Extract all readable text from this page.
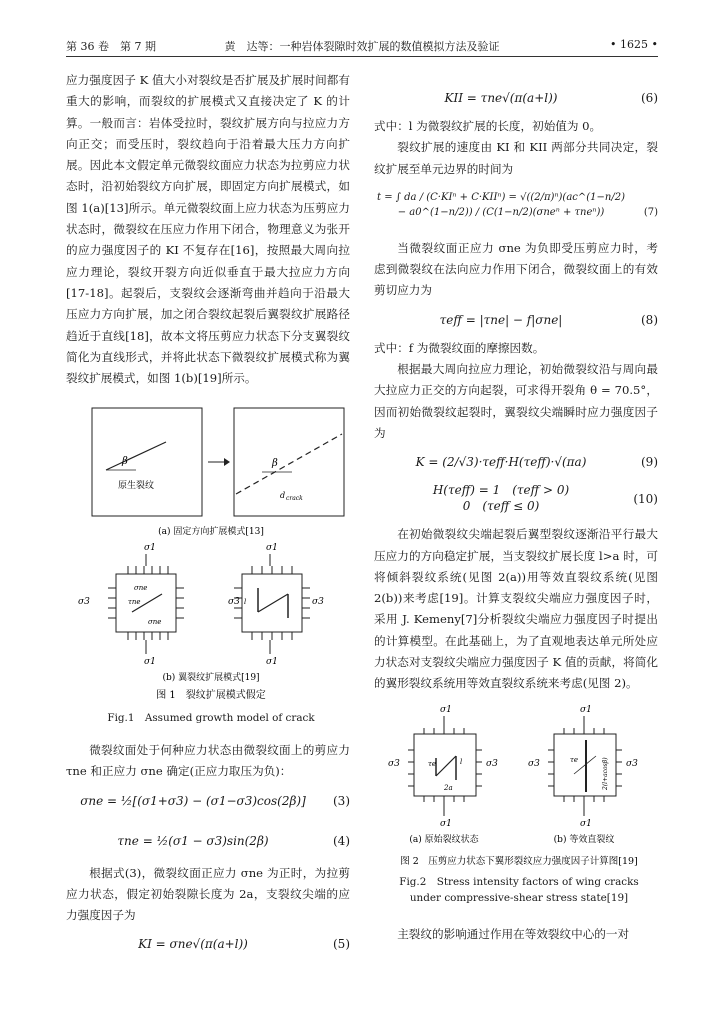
第 36 卷　第 7 期	黄　达等：一种岩体裂隙时效扩展的数值模拟方法及验证	• 1625 •

应力强度因子 K 值大小对裂纹是否扩展及扩展时间都有重大的影响，而裂纹的扩展模式又直接决定了 K 的计算。一般而言：岩体受拉时，裂纹扩展方向与拉应力方向正交；而受压时，裂纹趋向于沿着最大压力方向扩展。因此本文假定单元微裂纹面应力状态为拉剪应力状态时，沿初始裂纹方向扩展，即固定方向扩展模式，如图 1(a)[13]所示。单元微裂纹面上应力状态为压剪应力状态时，微裂纹在压应力作用下闭合，物理意义为张开的应力强度因子的 KI 不复存在[16]，按照最大周向拉应力理论，裂纹开裂方向近似垂直于最大拉应力方向[17-18]。起裂后，支裂纹会逐渐弯曲并趋向于沿最大压应力方向扩展，加之闭合裂纹起裂后翼裂纹扩展路径趋近于直线[18]，故本文将压剪应力状态下分支翼裂纹简化为直线形式，并将此状态下微裂纹扩展模式称为翼裂纹扩展模式，如图 1(b)[19]所示。

β
原生裂纹
β
d crack
(a) 固定方向扩展模式[13]
σ1
σne
τne
σne
σ3
σ1
σ1
l
σ3	σ3
σ1
(b) 翼裂纹扩展模式[19]
图 1　裂纹扩展模式假定
Fig.1　Assumed growth model of crack

微裂纹面处于何种应力状态由微裂纹面上的剪应力 τne 和正应力 σne 确定(正应力取压为负)：

σne = ½[(σ1+σ3) − (σ1−σ3)cos(2β)]	(3)
τne = ½(σ1 − σ3)sin(2β)	(4)

根据式(3)，微裂纹面正应力 σne 为正时，为拉剪应力状态，假定初始裂隙长度为 2a，支裂纹尖端的应力强度因子为

KI = σne√(π(a+l))	(5)
KII = τne√(π(a+l))	(6)

式中：l 为微裂纹扩展的长度，初始值为 0。

裂纹扩展的速度由 KI 和 KII 两部分共同决定，裂纹扩展至单元边界的时间为

t = ∫ da / (C·KIⁿ + C·KIIⁿ) = √((2/π)ⁿ)(ac^(1−n/2) − a0^(1−n/2)) / (C(1−n/2)(σneⁿ + τneⁿ))	(7)

当微裂纹面正应力 σne 为负即受压剪应力时，考虑到微裂纹在法向应力作用下闭合，微裂纹面上的有效剪切应力为

τeff = |τne| − f|σne|	(8)

式中：f 为微裂纹面的摩擦因数。

根据最大周向拉应力理论，初始微裂纹沿与周向最大拉应力正交的方向起裂，可求得开裂角 θ = 70.5°，因而初始微裂纹起裂时，翼裂纹尖端瞬时应力强度因子为

K = (2/√3)·τeff·H(τeff)·√(πa)	(9)
H(τeff) = 1　(τeff > 0)
0　(τeff ≤ 0)	(10)

在初始微裂纹尖端起裂后翼型裂纹逐渐沿平行最大压应力的方向稳定扩展，当支裂纹扩展长度 l>a 时，可将倾斜裂纹系统(见图 2(a))用等效直裂纹系统(见图 2(b))来考虑[19]。计算支裂纹尖端应力强度因子时，采用 J. Kemeny[7]分析裂纹尖端应力强度因子时提出的计算模型。在此基础上，为了直观地表达单元所处应力状态对支裂纹尖端应力强度因子 K 值的贡献，将简化的翼形裂纹系统用等效直裂纹系统来考虑(见图 2)。

σ1
τe	l
2a
σ3	σ3
σ1
(a) 原始裂纹状态
σ1
τe	2(l+acosβ)
σ3	σ3
σ1
(b) 等效直裂纹
图 2　压剪应力状态下翼形裂纹应力强度因子计算图[19]
Fig.2　Stress intensity factors of wing cracks under compressive-shear stress state[19]

主裂纹的影响通过作用在等效裂纹中心的一对
